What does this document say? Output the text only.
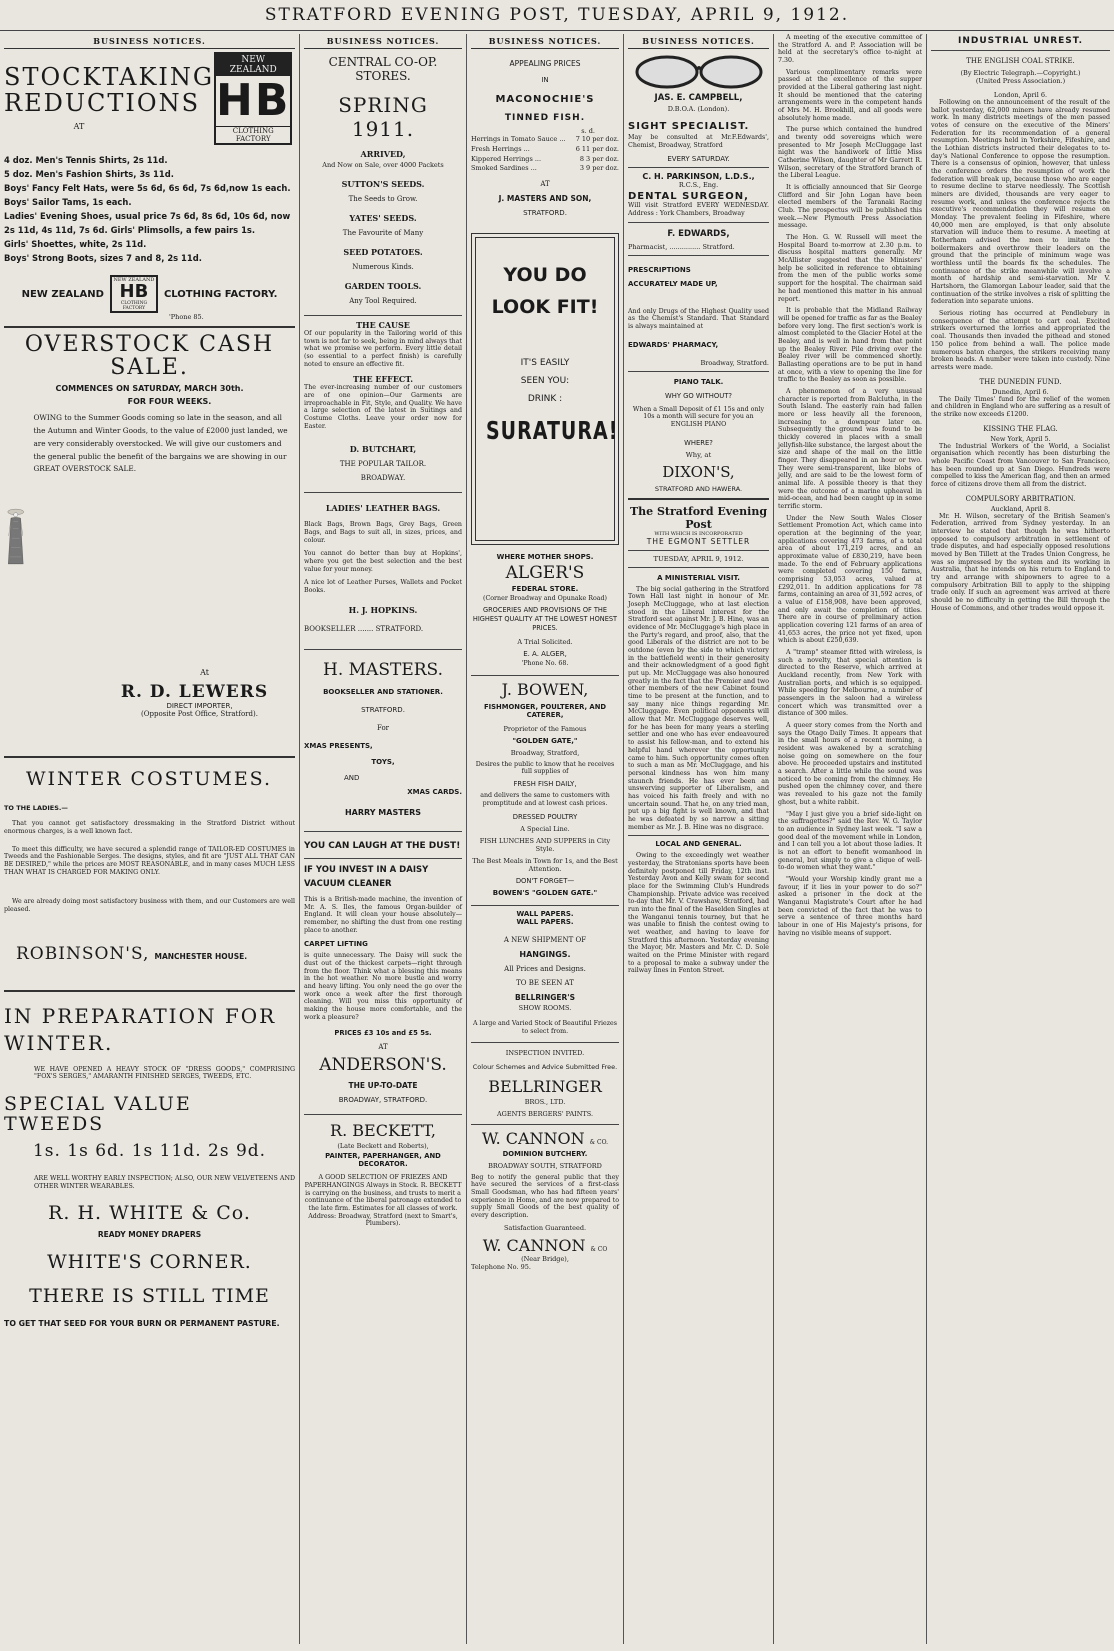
STRATFORD EVENING POST, TUESDAY, APRIL 9, 1912.
BUSINESS NOTICES.
STOCKTAKING
REDUCTIONS
AT
NEW ZEALAND
HB
CLOTHING FACTORY
4 doz. Men's Tennis Shirts, 2s 11d.
5 doz. Men's Fashion Shirts, 3s 11d.
Boys' Fancy Felt Hats, were 5s 6d, 6s 6d, 7s 6d,now 1s each.
Boys' Sailor Tams, 1s each.
Ladies' Evening Shoes, usual price 7s 6d, 8s 6d, 10s 6d, now
2s 11d, 4s 11d, 7s 6d. Girls' Plimsolls, a few pairs 1s.
Girls' Shoettes, white, 2s 11d.
Boys' Strong Boots, sizes 7 and 8, 2s 11d.
NEW ZEALAND
NEW ZEALAND
HB
CLOTHING FACTORY
CLOTHING FACTORY.
'Phone 85.
OVERSTOCK CASH SALE.
COMMENCES ON SATURDAY, MARCH 30th.
FOR FOUR WEEKS.
OWING to the Summer Goods coming so late in the season, and all the Autumn and Winter Goods, to the value of £2000 just landed, we are very considerably overstocked. We will give our customers and the general public the benefit of the bargains we are showing in our GREAT OVERSTOCK SALE.
At
R. D. LEWERS
DIRECT IMPORTER,
(Opposite Post Office, Stratford).
WINTER COSTUMES.
TO THE LADIES.—
That you cannot get satisfactory dressmaking in the Stratford District without enormous charges, is a well known fact.
To meet this difficulty, we have secured a splendid range of TAILOR-ED COSTUMES in Tweeds and the Fashionable Serges. The designs, styles, and fit are "JUST ALL THAT CAN BE DESIRED," while the prices are MOST REASONABLE, and in many cases MUCH LESS THAN WHAT IS CHARGED FOR MAKING ONLY.
We are already doing most satisfactory business with them, and our Customers are well pleased.
ROBINSON'S, MANCHESTER HOUSE.
IN PREPARATION FOR
WINTER.
WE HAVE OPENED A HEAVY STOCK OF "DRESS GOODS," COMPRISING "FOX'S SERGES," AMARANTH FINISHED SERGES, TWEEDS, ETC.
SPECIAL VALUE TWEEDS
1s. 1s 6d. 1s 11d. 2s 9d.
ARE WELL WORTHY EARLY INSPECTION; ALSO, OUR NEW VELVETEENS AND OTHER WINTER WEARABLES.
R. H. WHITE & Co.
READY MONEY DRAPERS
WHITE'S CORNER.
THERE IS STILL TIME
TO GET THAT SEED FOR YOUR BURN OR PERMANENT PASTURE.
BUSINESS NOTICES.
CENTRAL CO-OP. STORES.
SPRING 1911.
ARRIVED,
And Now on Sale, over 4000 Packets
SUTTON'S SEEDS.
The Seeds to Grow.
YATES' SEEDS.
The Favourite of Many
SEED POTATOES.
Numerous Kinds.
GARDEN TOOLS.
Any Tool Required.
THE CAUSE
Of our popularity in the Tailoring world of this town is not far to seek, being in mind always that what we promise we perform. Every little detail (so essential to a perfect finish) is carefully noted to ensure an effective fit.
THE EFFECT.
The ever-increasing number of our customers are of one opinion—Our Garments are irreproachable in Fit, Style, and Quality. We have a large selection of the latest in Suitings and Costume Cloths. Leave your order now for Easter.
D. BUTCHART,
THE POPULAR TAILOR.
BROADWAY.
LADIES' LEATHER BAGS.
Black Bags, Brown Bags, Grey Bags, Green Bags, and Bags to suit all, in sizes, prices, and colour.
You cannot do better than buy at Hopkins', where you get the best selection and the best value for your money.
A nice lot of Leather Purses, Wallets and Pocket Books.
H. J. HOPKINS.
BOOKSELLER ....... STRATFORD.
H. MASTERS.
BOOKSELLER AND STATIONER.
STRATFORD.
For
XMAS PRESENTS,
TOYS,
AND
XMAS CARDS.
HARRY MASTERS
YOU CAN LAUGH AT THE DUST!
IF YOU INVEST IN A DAISY VACUUM CLEANER
This is a British-made machine, the invention of Mr. A. S. Iles, the famous Organ-builder of England. It will clean your house absolutely—remember, no shifting the dust from one resting place to another.
CARPET LIFTING
is quite unnecessary. The Daisy will suck the dust out of the thickest carpets—right through from the floor. Think what a blessing this means in the hot weather. No more bustle and worry and heavy lifting. You only need the go over the work once a week after the first thorough cleaning. Will you miss this opportunity of making the house more comfortable, and the work a pleasure?
PRICES £3 10s and £5 5s.
AT
ANDERSON'S.
THE UP-TO-DATE
BROADWAY, STRATFORD.
R. BECKETT,
(Late Beckett and Roberts),
PAINTER, PAPERHANGER, AND DECORATOR.
A GOOD SELECTION OF FRIEZES AND PAPERHANGINGS Always in Stock. R. BECKETT is carrying on the business, and trusts to merit a continuance of the liberal patronage extended to the late firm. Estimates for all classes of work. Address: Broadway, Stratford (next to Smart's, Plumbers).
BUSINESS NOTICES.
APPEALING PRICES
IN
MACONOCHIE'S
TINNED FISH.
s. d.
Herrings in Tomato Sauce ... 7 10 per doz.
Fresh Herrings ...	6 11 per doz.
Kippered Herrings ...	8 3 per doz.
Smoked Sardines ...	3 9 per doz.
AT
J. MASTERS AND SON,
STRATFORD.
YOU DO
LOOK FIT!
IT'S EASILY
SEEN YOU:
DRINK :
SURATURA!
WHERE MOTHER SHOPS.
ALGER'S
FEDERAL STORE.
(Corner Broadway and Opunake Road)
GROCERIES AND PROVISIONS OF THE HIGHEST QUALITY AT THE LOWEST HONEST PRICES.
A Trial Solicited.
E. A. ALGER,
'Phone No. 68.
J. BOWEN,
FISHMONGER, POULTERER, AND CATERER,
Proprietor of the Famous
"GOLDEN GATE,"
Broadway, Stratford,
Desires the public to know that he receives full supplies of
FRESH FISH DAILY,
and delivers the same to customers with promptitude and at lowest cash prices.
DRESSED POULTRY
A Special Line.
FISH LUNCHES AND SUPPERS in City Style.
The Best Meals in Town for 1s, and the Best Attention.
DON'T FORGET—
BOWEN'S "GOLDEN GATE."
WALL PAPERS.
WALL PAPERS.
A NEW SHIPMENT OF
HANGINGS.
All Prices and Designs.
TO BE SEEN AT
BELLRINGER'S
SHOW ROOMS.
A large and Varied Stock of Beautiful Friezes to select from.
INSPECTION INVITED.
Colour Schemes and Advice Submitted Free.
BELLRINGER
BROS., LTD.
AGENTS BERGERS' PAINTS.
W. CANNON & CO.
DOMINION BUTCHERY.
BROADWAY SOUTH, STRATFORD
Beg to notify the general public that they have secured the services of a first-class Small Goodsman, who has had fifteen years' experience in Home, and are now prepared to supply Small Goods of the best quality of every description.
Satisfaction Guaranteed.
W. CANNON & CO
(Near Bridge),
Telephone No. 95.
BUSINESS NOTICES.
JAS. E. CAMPBELL,
D.B.O.A. (London).
SIGHT SPECIALIST.
May be consulted at Mr.F.Edwards', Chemist, Broadway, Stratford
EVERY SATURDAY.
C. H. PARKINSON, L.D.S.,
R.C.S., Eng.
DENTAL SURGEON,
Will visit Stratford EVERY WEDNESDAY. Address : York Chambers, Broadway
F. EDWARDS,
Pharmacist, ............... Stratford.
PRESCRIPTIONS
ACCURATELY MADE UP,
And only Drugs of the Highest Quality used as the Chemist's Standard. That Standard is always maintained at
EDWARDS' PHARMACY,
Broadway, Stratford.
PIANO TALK.
WHY GO WITHOUT?
When a Small Deposit of £1 15s and only 10s a month will secure for you an ENGLISH PIANO
WHERE?
Why, at
DIXON'S,
STRATFORD AND HAWERA.
The Stratford Evening Post
WITH WHICH IS INCORPORATED
THE EGMONT SETTLER
TUESDAY, APRIL 9, 1912.
A MINISTERIAL VISIT.
The big social gathering in the Stratford Town Hall last night in honour of Mr. Joseph McCluggage, who at last election stood in the Liberal interest for the Stratford seat against Mr. J. B. Hine, was an evidence of Mr. McCluggage's high place in the Party's regard, and proof, also, that the good Liberals of the district are not to be outdone (even by the side to which victory in the battlefield went) in their generosity and their acknowledgment of a good fight put up. Mr. McCluggage was also honoured greatly in the fact that the Premier and two other members of the new Cabinet found time to be present at the function, and to say many nice things regarding Mr. McCluggage. Even political opponents will allow that Mr. McCluggage deserves well, for he has been for many years a sterling settler and one who has ever endeavoured to assist his fellow-man, and to extend his helpful hand wherever the opportunity came to him. Such opportunity comes often to such a man as Mr. McCluggage, and his personal kindness has won him many staunch friends. He has ever been an unswerving supporter of Liberalism, and has voiced his faith freely and with no uncertain sound. That he, on any tried man, put up a big fight is well known, and that he was defeated by so narrow a sitting member as Mr. J. B. Hine was no disgrace.
LOCAL AND GENERAL.
Owing to the exceedingly wet weather yesterday, the Stratonians sports have been definitely postponed till Friday, 12th inst. Yesterday Avon and Kelly swam for second place for the Swimming Club's Hundreds Championship. Private advice was received to-day that Mr. V. Crawshaw, Stratford, had run into the final of the Haselden Singles at the Wanganui tennis tourney, but that he was unable to finish the contest owing to wet weather, and having to leave for Stratford this afternoon. Yesterday evening the Mayor, Mr. Masters and Mr. C. D. Sole waited on the Prime Minister with regard to a proposal to make a subway under the railway lines in Fenton Street.
A meeting of the executive committee of the Stratford A. and P. Association will be held at the secretary's office to-night at 7.30.
Various complimentary remarks were passed at the excellence of the supper provided at the Liberal gathering last night. It should be mentioned that the catering arrangements were in the competent hands of Mrs M. H. Brookhill, and all goods were absolutely home made.
The purse which contained the hundred and twenty odd sovereigns which were presented to Mr Joseph McCluggage last night was the handiwork of little Miss Catherine Wilson, daughter of Mr Garrett R. Wilson, secretary of the Stratford branch of the Liberal League.
It is officially announced that Sir George Clifford and Sir John Logan have been elected members of the Taranaki Racing Club. The prospectus will be published this week.—New Plymouth Press Association message.
The Hon. G. W. Russell will meet the Hospital Board to-morrow at 2.30 p.m. to discuss hospital matters generally. Mr McAllister suggested that the Ministers' help be solicited in reference to obtaining from the men of the public works some support for the hospital. The chairman said he had mentioned this matter in his annual report.
It is probable that the Midland Railway will be opened for traffic as far as the Bealey before very long. The first section's work is almost completed to the Glacier Hotel at the Bealey, and is well in hand from that point up the Bealey River. Pile driving over the Bealey river will be commenced shortly. Ballasting operations are to be put in hand at once, with a view to opening the line for traffic to the Bealey as soon as possible.
A phenomenon of a very unusual character is reported from Balclutha, in the South Island. The easterly rain had fallen more or less heavily all the forenoon, increasing to a downpour later on. Subsequently the ground was found to be thickly covered in places with a small jellyfish-like substance, the largest about the size and shape of the mail on the little finger. They disappeared in an hour or two. They were semi-transparent, like blobs of jelly, and are said to be the lowest form of animal life. A possible theory is that they were the outcome of a marine upheaval in mid-ocean, and had been caught up in some terrific storm.
Under the New South Wales Closer Settlement Promotion Act, which came into operation at the beginning of the year, applications covering 473 farms, of a total area of about 171,219 acres, and an approximate value of £830,219, have been made. To the end of February applications were completed covering 150 farms, comprising 53,053 acres, valued at £292,011. In addition applications for 78 farms, containing an area of 31,592 acres, of a value of £158,908, have been approved, and only await the completion of titles. There are in course of preliminary action application covering 121 farms of an area of 41,653 acres, the price not yet fixed, upon which is about £250,639.
A "tramp" steamer fitted with wireless, is such a novelty, that special attention is directed to the Reserve, which arrived at Auckland recently, from New York with Australian ports, and which is so equipped. While speeding for Melbourne, a number of passengers in the saloon had a wireless concert which was transmitted over a distance of 300 miles.
A queer story comes from the North and says the Otago Daily Times. It appears that in the small hours of a recent morning, a resident was awakened by a scratching noise going on somewhere on the four above. He proceeded upstairs and instituted a search. After a little while the sound was noticed to be coming from the chimney. He pushed open the chimney cover, and there was revealed to his gaze not the family ghost, but a white rabbit.
"May I just give you a brief side-light on the suffragettes?" said the Rev. W. G. Taylor to an audience in Sydney last week. "I saw a good deal of the movement while in London, and I can tell you a lot about those ladies. It is not an effort to benefit womanhood in general, but simply to give a clique of well-to-do women what they want."
"Would your Worship kindly grant me a favour, if it lies in your power to do so?" asked a prisoner in the dock at the Wanganui Magistrate's Court after he had been convicted of the fact that he was to serve a sentence of three months hard labour in one of His Majesty's prisons, for having no visible means of support.
INDUSTRIAL UNREST.
THE ENGLISH COAL STRIKE.
(By Electric Telegraph.—Copyright.)
(United Press Association.)
London, April 6.
Following on the announcement of the result of the ballot yesterday, 62,000 miners have already resumed work. In many districts meetings of the men passed votes of censure on the executive of the Miners' Federation for its recommendation of a general resumption. Meetings held in Yorkshire, Fifeshire, and the Lothian districts instructed their delegates to to-day's National Conference to oppose the resumption. There is a consensus of opinion, however, that unless the conference orders the resumption of work the federation will break up, because those who are eager to resume decline to starve needlessly. The Scottish miners are divided, thousands are very eager to resume work, and unless the conference rejects the executive's recommendation they will resume on Monday. The prevalent feeling in Fifeshire, where 40,000 men are employed, is that only absolute starvation will induce them to resume. A meeting at Rotherham advised the men to imitate the boilermakers and overthrow their leaders on the ground that the principle of minimum wage was worthless until the boards fix the schedules. The continuance of the strike meanwhile will involve a month of hardship and semi-starvation. Mr V. Hartshorn, the Glamorgan Labour leader, said that the continuation of the strike involves a risk of splitting the federation into separate unions.
Serious rioting has occurred at Pendlebury in consequence of the attempt to cart coal. Excited strikers overturned the lorries and appropriated the coal. Thousands then invaded the pithead and stoned 150 police from behind a wall. The police made numerous baton charges, the strikers receiving many broken heads. A number were taken into custody. Nine arrests were made.
THE DUNEDIN FUND.
Dunedin, April 6.
The Daily Times' fund for the relief of the women and children in England who are suffering as a result of the strike now exceeds £1200.
KISSING THE FLAG.
New York, April 5.
The Industrial Workers of the World, a Socialist organisation which recently has been disturbing the whole Pacific Coast from Vancouver to San Francisco, has been rounded up at San Diego. Hundreds were compelled to kiss the American flag, and then an armed force of citizens drove them all from the district.
COMPULSORY ARBITRATION.
Auckland, April 8.
Mr. H. Wilson, secretary of the British Seamen's Federation, arrived from Sydney yesterday. In an interview he stated that though he was hitherto opposed to compulsory arbitration in settlement of trade disputes, and had especially opposed resolutions moved by Ben Tillett at the Trades Union Congress, he was so impressed by the system and its working in Australia, that he intends on his return to England to try and arrange with shipowners to agree to a compulsory Arbitration Bill to apply to the shipping trade only. If such an agreement was arrived at there should be no difficulty in getting the Bill through the House of Commons, and other trades would oppose it.
